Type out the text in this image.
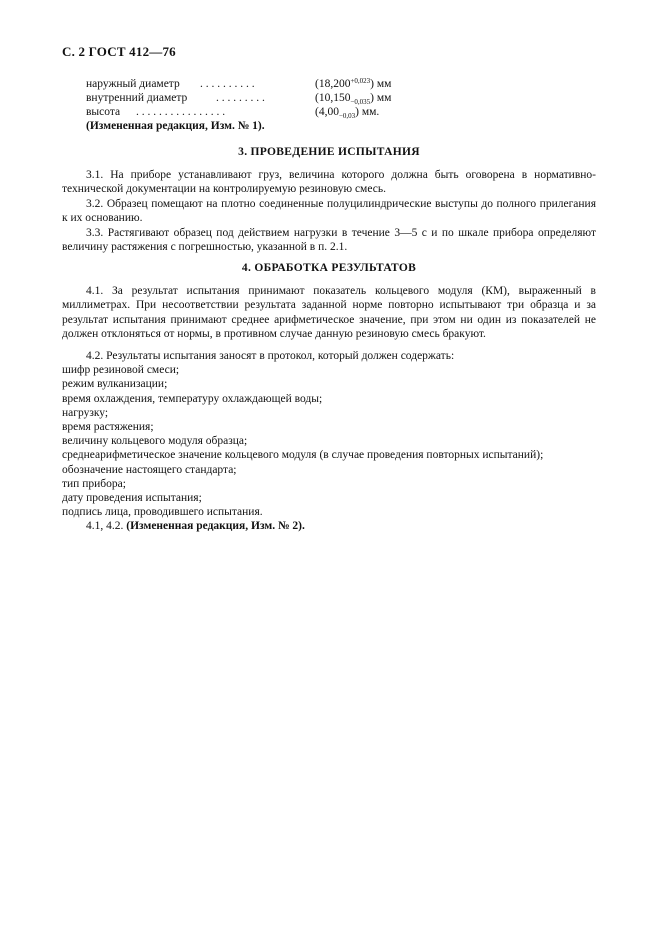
С. 2 ГОСТ 412—76
наружный диаметр . . . . . . . . . .	$(18,200^{+0,023})$ мм
внутренний диаметр . . . . . . . . .	$(10,150_{-0,035})$ мм
высота . . . . . . . . . . . . . . . .	$(4,00_{-0,03})$ мм.
(Измененная редакция, Изм. № 1).
3. ПРОВЕДЕНИЕ ИСПЫТАНИЯ

3.1. На приборе устанавливают груз, величина которого должна быть оговорена в нормативно-технической документации на контролируемую резиновую смесь.

3.2. Образец помещают на плотно соединенные полуцилиндрические выступы до полного прилегания к их основанию.

3.3. Растягивают образец под действием нагрузки в течение 3—5 с и по шкале прибора определяют величину растяжения с погрешностью, указанной в п. 2.1.

4. ОБРАБОТКА РЕЗУЛЬТАТОВ

4.1. За результат испытания принимают показатель кольцевого модуля (КМ), выраженный в миллиметрах. При несоответствии результата заданной норме повторно испытывают три образца и за результат испытания принимают среднее арифметическое значение, при этом ни один из показателей не должен отклоняться от нормы, в противном случае данную резиновую смесь бракуют.

4.2. Результаты испытания заносят в протокол, который должен содержать:
шифр резиновой смеси;
режим вулканизации;
время охлаждения, температуру охлаждающей воды;
нагрузку;
время растяжения;
величину кольцевого модуля образца;
среднеарифметическое значение кольцевого модуля (в случае проведения повторных испытаний);
обозначение настоящего стандарта;
тип прибора;
дату проведения испытания;
подпись лица, проводившего испытания.
4.1, 4.2. (Измененная редакция, Изм. № 2).
